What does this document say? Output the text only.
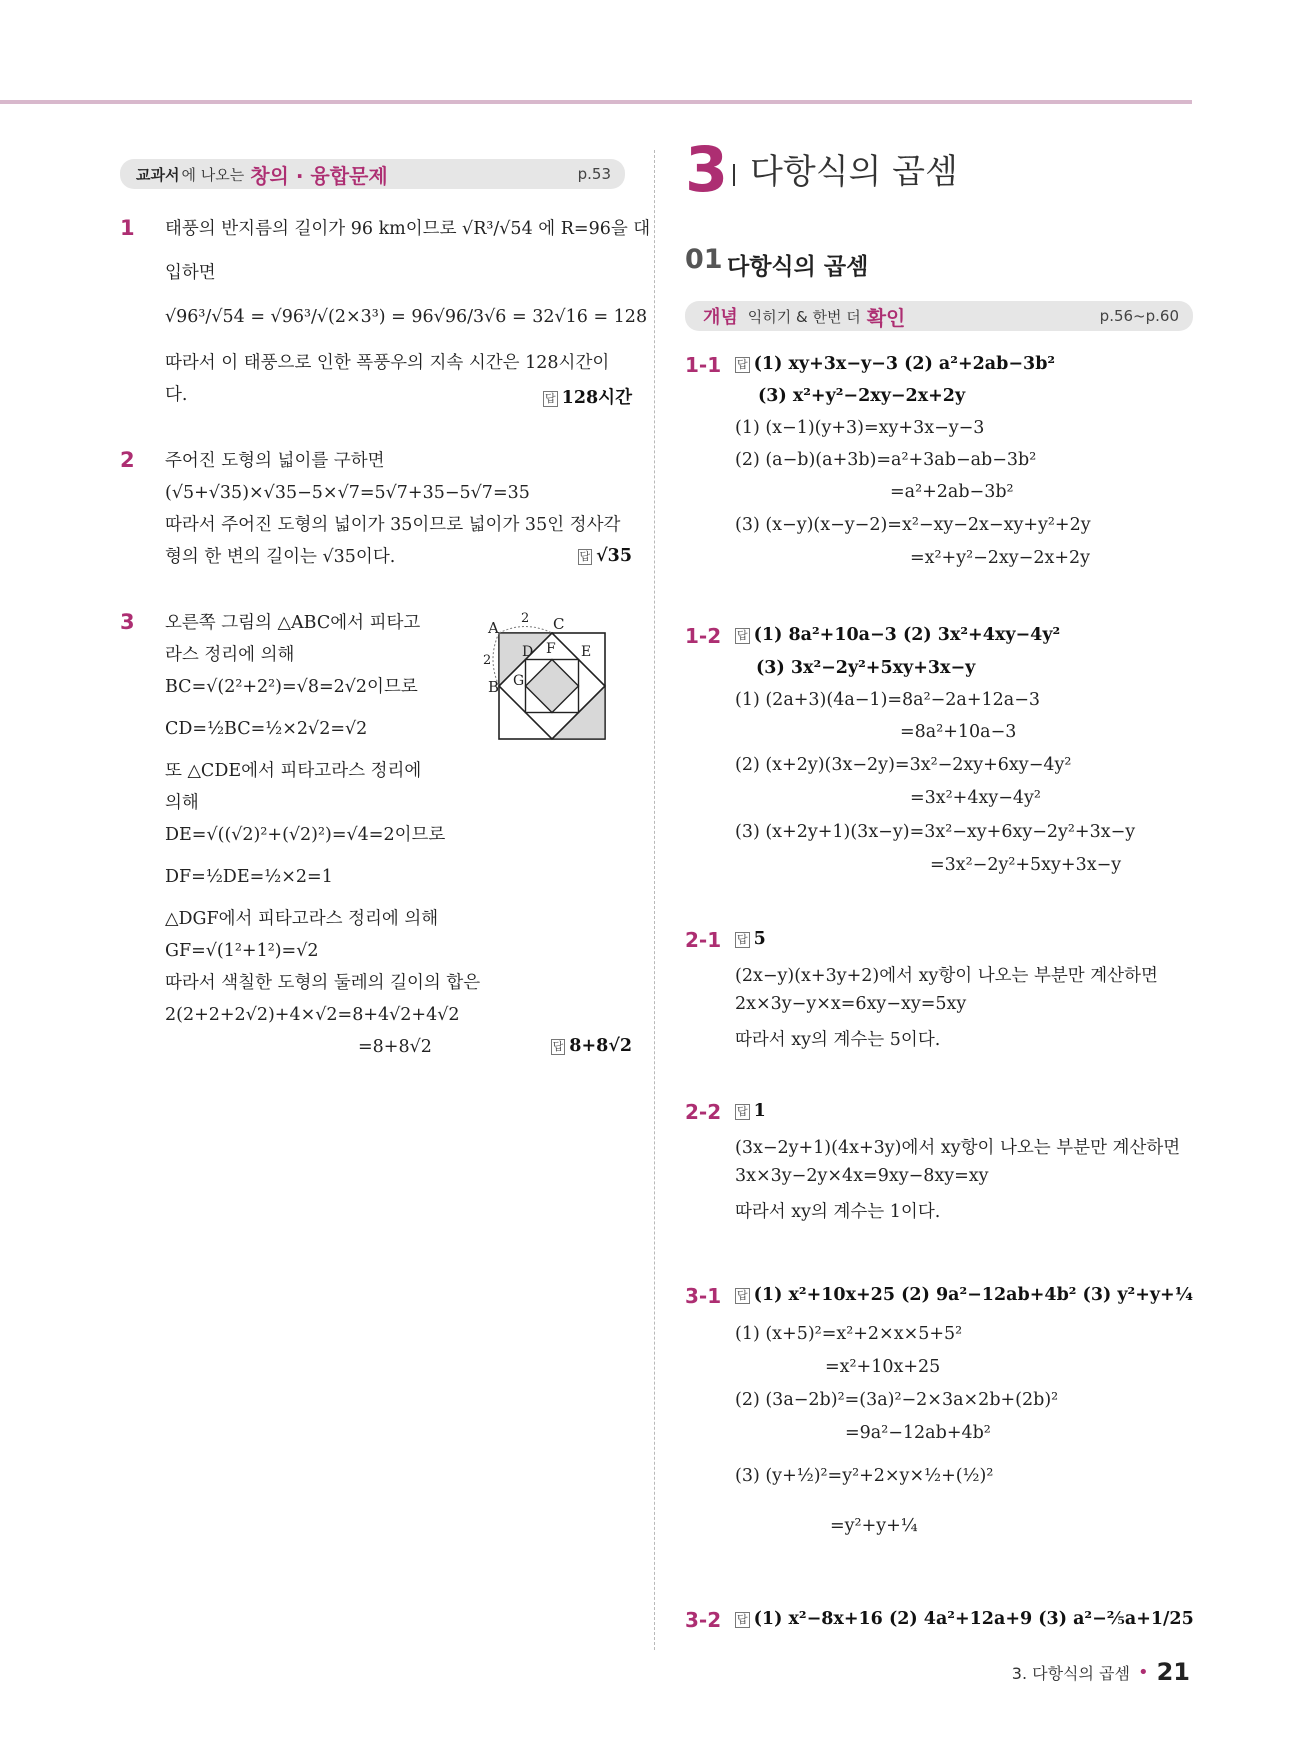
교과서 에 나오는 창의 · 융합문제	p.53
1 태풍의 반지름의 길이가 96 km이므로 √R³/√54 에 R=96을 대
입하면
√96³/√54 = √96³/√(2×3³) = 96√96/3√6 = 32√16 = 128
따라서 이 태풍으로 인한 폭풍우의 지속 시간은 128시간이
다.	답 128시간
2 주어진 도형의 넓이를 구하면
(√5+√35)×√35−5×√7=5√7+35−5√7=35
따라서 주어진 도형의 넓이가 35이므로 넓이가 35인 정사각
형의 한 변의 길이는 √35이다.	답 √35
3 오른쪽 그림의 △ABC에서 피타고
라스 정리에 의해
BC=√(2²+2²)=√8=2√2이므로
CD=½BC=½×2√2=√2
또 △CDE에서 피타고라스 정리에
의해
DE=√((√2)²+(√2)²)=√4=2이므로
DF=½DE=½×2=1
△DGF에서 피타고라스 정리에 의해
GF=√(1²+1²)=√2
따라서 색칠한 도형의 둘레의 길이의 합은
2(2+2+2√2)+4×√2=8+4√2+4√2
=8+8√2	답 8+8√2
A	C
B
D F E
G
2
2
3 다항식의 곱셈
01 다항식의 곱셈
개념 익히기 & 한번 더 확인	p.56~p.60
1-1 답 (1) xy+3x−y−3 (2) a²+2ab−3b²
(3) x²+y²−2xy−2x+2y
(1) (x−1)(y+3)=xy+3x−y−3
(2) (a−b)(a+3b)=a²+3ab−ab−3b²
=a²+2ab−3b²
(3) (x−y)(x−y−2)=x²−xy−2x−xy+y²+2y
=x²+y²−2xy−2x+2y
1-2 답 (1) 8a²+10a−3 (2) 3x²+4xy−4y²
(3) 3x²−2y²+5xy+3x−y
(1) (2a+3)(4a−1)=8a²−2a+12a−3
=8a²+10a−3
(2) (x+2y)(3x−2y)=3x²−2xy+6xy−4y²
=3x²+4xy−4y²
(3) (x+2y+1)(3x−y)=3x²−xy+6xy−2y²+3x−y
=3x²−2y²+5xy+3x−y
2-1 답 5
(2x−y)(x+3y+2)에서 xy항이 나오는 부분만 계산하면
2x×3y−y×x=6xy−xy=5xy
따라서 xy의 계수는 5이다.
2-2 답 1
(3x−2y+1)(4x+3y)에서 xy항이 나오는 부분만 계산하면
3x×3y−2y×4x=9xy−8xy=xy
따라서 xy의 계수는 1이다.
3-1 답 (1) x²+10x+25 (2) 9a²−12ab+4b² (3) y²+y+¼
(1) (x+5)²=x²+2×x×5+5²
=x²+10x+25
(2) (3a−2b)²=(3a)²−2×3a×2b+(2b)²
=9a²−12ab+4b²
(3) (y+½)²=y²+2×y×½+(½)²
=y²+y+¼
3-2 답 (1) x²−8x+16 (2) 4a²+12a+9 (3) a²−⅖a+1/25
3. 다항식의 곱셈 • 21
